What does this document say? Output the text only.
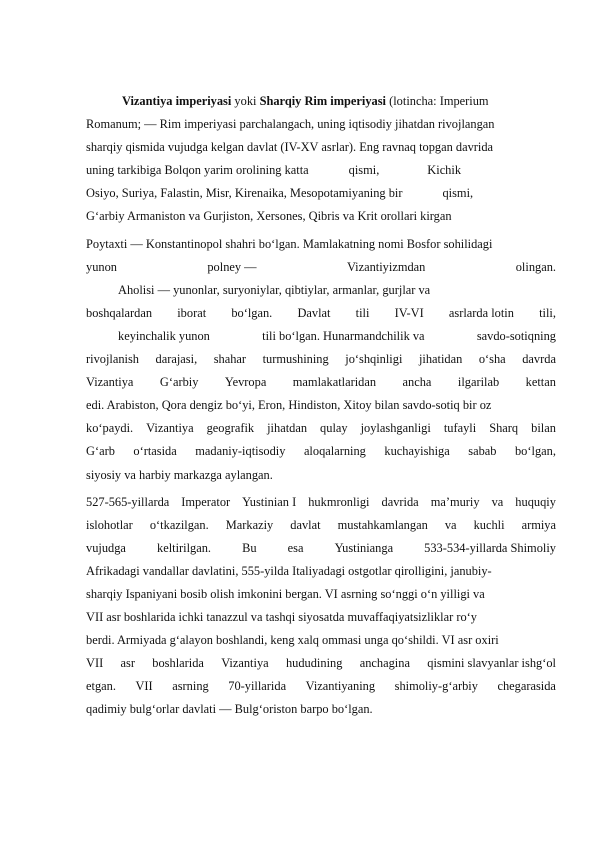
Vizantiya imperiyasi yoki Sharqiy Rim imperiyasi (lotincha: Imperium
Romanum; — Rim imperiyasi parchalangach, uning iqtisodiy jihatdan rivojlangan
sharqiy qismida vujudga kelgan davlat (IV-XV asrlar). Eng ravnaq topgan davrida
uning tarkibiga Bolqon yarim orolining katta	qismi,	Kichik
Osiyo, Suriya, Falastin, Misr, Kirenaika, Mesopotamiyaning bir	qismi,
G‘arbiy Armaniston va Gurjiston, Xersones, Qibris va Krit orollari kirgan
Poytaxti — Konstantinopol shahri bo‘lgan. Mamlakatning nomi Bosfor sohilidagi
yunon	polney —	Vizantiyizmdan	olingan.
Aholisi — yunonlar, suryoniylar, qibtiylar, armanlar, gurjlar va
boshqalardan iborat bo‘lgan. Davlat tili IV-VI asrlarda lotin tili,
keyinchalik yunon	tili bo‘lgan. Hunarmandchilik va	savdo-sotiqning
rivojlanish darajasi, shahar turmushining jo‘shqinligi jihatidan o‘sha davrda
Vizantiya G‘arbiy Yevropa mamlakatlaridan ancha ilgarilab kettan
edi. Arabiston, Qora dengiz bo‘yi, Eron, Hindiston, Xitoy bilan savdo-sotiq bir oz
ko‘paydi. Vizantiya geografik jihatdan qulay joylashganligi tufayli Sharq bilan
G‘arb o‘rtasida madaniy-iqtisodiy aloqalarning kuchayishiga sabab bo‘lgan,
siyosiy va harbiy markazga aylangan.
527-565-yillarda Imperator Yustinian I hukmronligi davrida ma’muriy va huquqiy
islohotlar o‘tkazilgan. Markaziy davlat mustahkamlangan va kuchli armiya
vujudga	keltirilgan.	Bu	esa	Yustinianga	533-534-yillarda Shimoliy
Afrikadagi vandallar davlatini, 555-yilda Italiyadagi ostgotlar qirolligini, janubiy-
sharqiy Ispaniyani bosib olish imkonini bergan. VI asrning so‘nggi o‘n yilligi va
VII asr boshlarida ichki tanazzul va tashqi siyosatda muvaffaqiyatsizliklar ro‘y
berdi. Armiyada g‘alayon boshlandi, keng xalq ommasi unga qo‘shildi. VI asr oxiri
VII asr boshlarida Vizantiya hududining anchagina qismini slavyanlar ishg‘ol
etgan. VII asrning 70-yillarida Vizantiyaning shimoliy-g‘arbiy chegarasida
qadimiy bulg‘orlar davlati — Bulg‘oriston barpo bo‘lgan.
